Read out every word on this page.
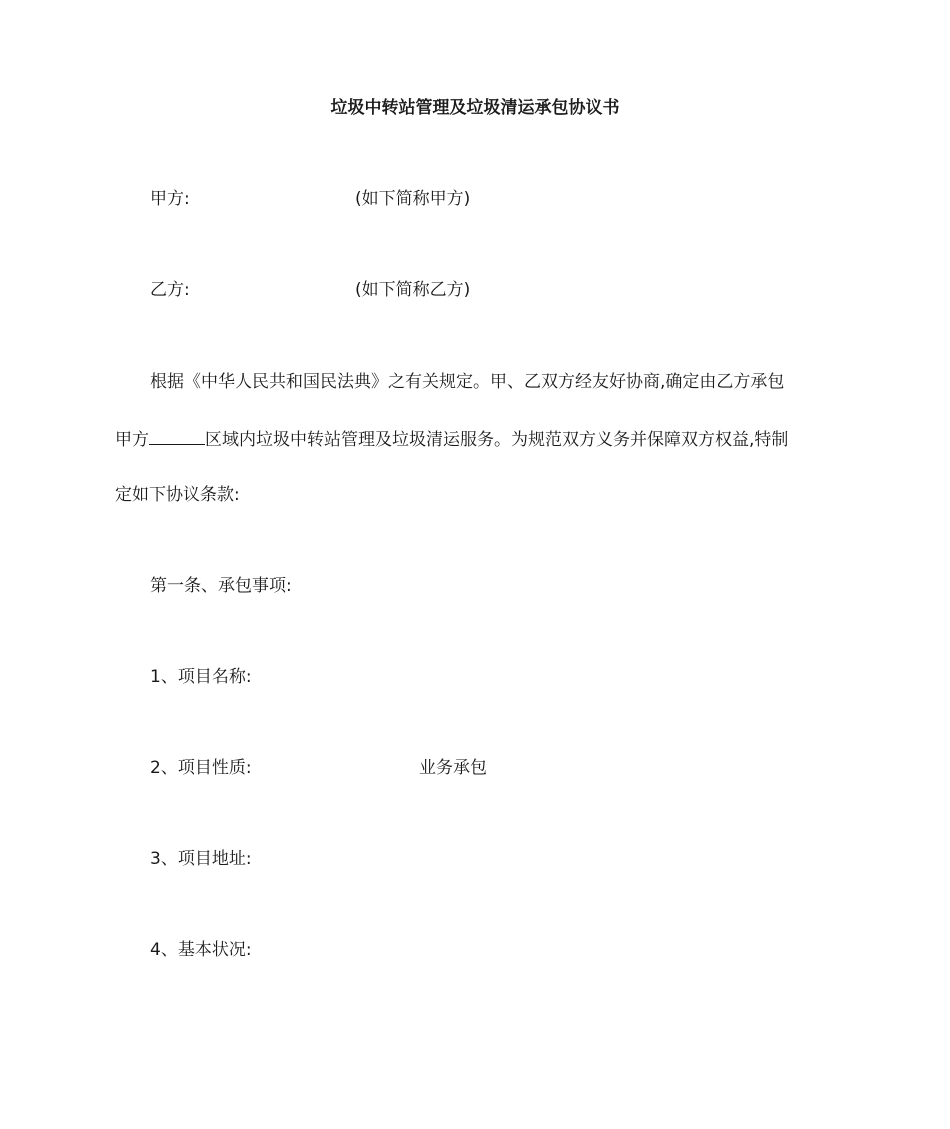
垃圾中转站管理及垃圾清运承包协议书
甲方:	(如下简称甲方)
乙方:	(如下简称乙方)
根据《中华人民共和国民法典》之有关规定。甲、乙双方经友好协商,确定由乙方承包
甲方	区域内垃圾中转站管理及垃圾清运服务。为规范双方义务并保障双方权益,特制
定如下协议条款:
第一条、承包事项:
1、项目名称:
2、项目性质:	业务承包
3、项目地址:
4、基本状况:
